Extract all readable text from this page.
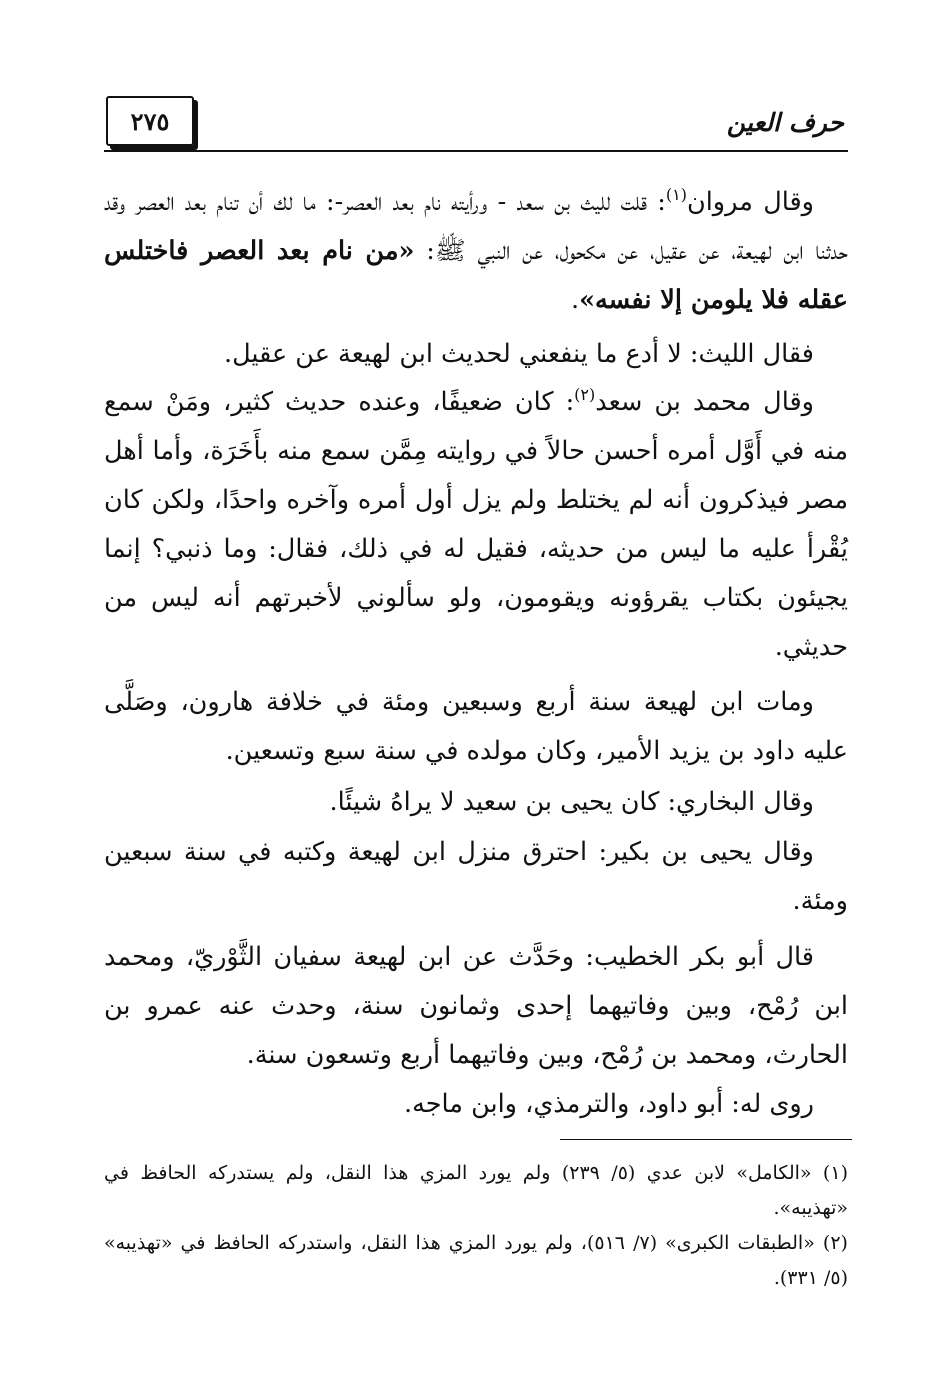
حرف العين
٢٧٥

وقال مروان$^{(١)}$: قلت لليث بن سعد - ورأيته نام بعد العصر-: ما لك أن تنام بعد العصر وقد حدثنا ابن لهيعة، عن عقيل، عن مكحول، عن النبي ﷺ: «من نام بعد العصر فاختلس عقله فلا يلومن إلا نفسه».

فقال الليث: لا أدع ما ينفعني لحديث ابن لهيعة عن عقيل.

وقال محمد بن سعد$^{(٢)}$: كان ضعيفًا، وعنده حديث كثير، ومَنْ سمع منه في أَوَّل أمره أحسن حالاً في روايته مِمَّن سمع منه بأَخَرَة، وأما أهل مصر فيذكرون أنه لم يختلط ولم يزل أول أمره وآخره واحدًا، ولكن كان يُقْرأ عليه ما ليس من حديثه، فقيل له في ذلك، فقال: وما ذنبي؟ إنما يجيئون بكتاب يقرؤونه ويقومون، ولو سألوني لأخبرتهم أنه ليس من حديثي.

ومات ابن لهيعة سنة أربع وسبعين ومئة في خلافة هارون، وصَلَّى عليه داود بن يزيد الأمير، وكان مولده في سنة سبع وتسعين.

وقال البخاري: كان يحيى بن سعيد لا يراهُ شيئًا.

وقال يحيى بن بكير: احترق منزل ابن لهيعة وكتبه في سنة سبعين ومئة.

قال أبو بكر الخطيب: وحَدَّث عن ابن لهيعة سفيان الثَّوْريّ، ومحمد ابن رُمْح، وبين وفاتيهما إحدى وثمانون سنة، وحدث عنه عمرو بن الحارث، ومحمد بن رُمْح، وبين وفاتيهما أربع وتسعون سنة.

روى له: أبو داود، والترمذي، وابن ماجه.

(١) «الكامل» لابن عدي (٥/ ٢٣٩) ولم يورد المزي هذا النقل، ولم يستدركه الحافظ في «تهذيبه».

(٢) «الطبقات الكبرى» (٧/ ٥١٦)، ولم يورد المزي هذا النقل، واستدركه الحافظ في «تهذيبه» (٥/ ٣٣١).
